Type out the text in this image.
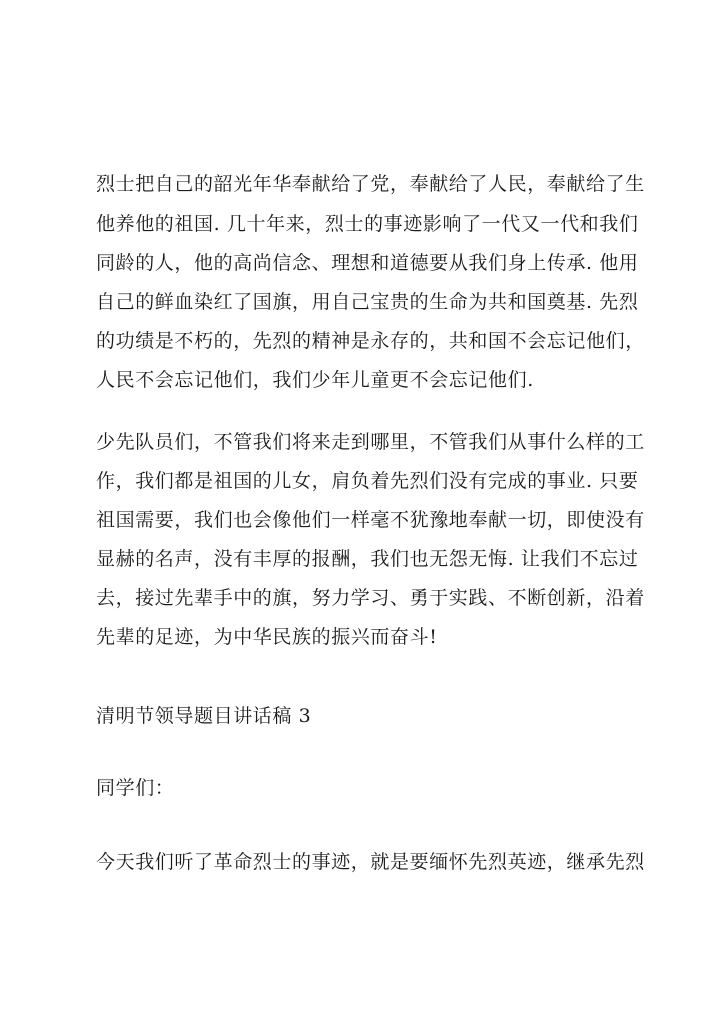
烈士把自己的韶光年华奉献给了党，奉献给了人民，奉献给了生
他养他的祖国. 几十年来，烈士的事迹影响了一代又一代和我们
同龄的人，他的高尚信念、理想和道德要从我们身上传承. 他用
自己的鲜血染红了国旗，用自己宝贵的生命为共和国奠基. 先烈
的功绩是不朽的，先烈的精神是永存的，共和国不会忘记他们，
人民不会忘记他们，我们少年儿童更不会忘记他们.
少先队员们，不管我们将来走到哪里，不管我们从事什么样的工
作，我们都是祖国的儿女，肩负着先烈们没有完成的事业. 只要
祖国需要，我们也会像他们一样毫不犹豫地奉献一切，即使没有
显赫的名声，没有丰厚的报酬，我们也无怨无悔. 让我们不忘过
去，接过先辈手中的旗，努力学习、勇于实践、不断创新，沿着
先辈的足迹，为中华民族的振兴而奋斗!
清明节领导题目讲话稿 3
同学们：
今天我们听了革命烈士的事迹，就是要缅怀先烈英迹，继承先烈
